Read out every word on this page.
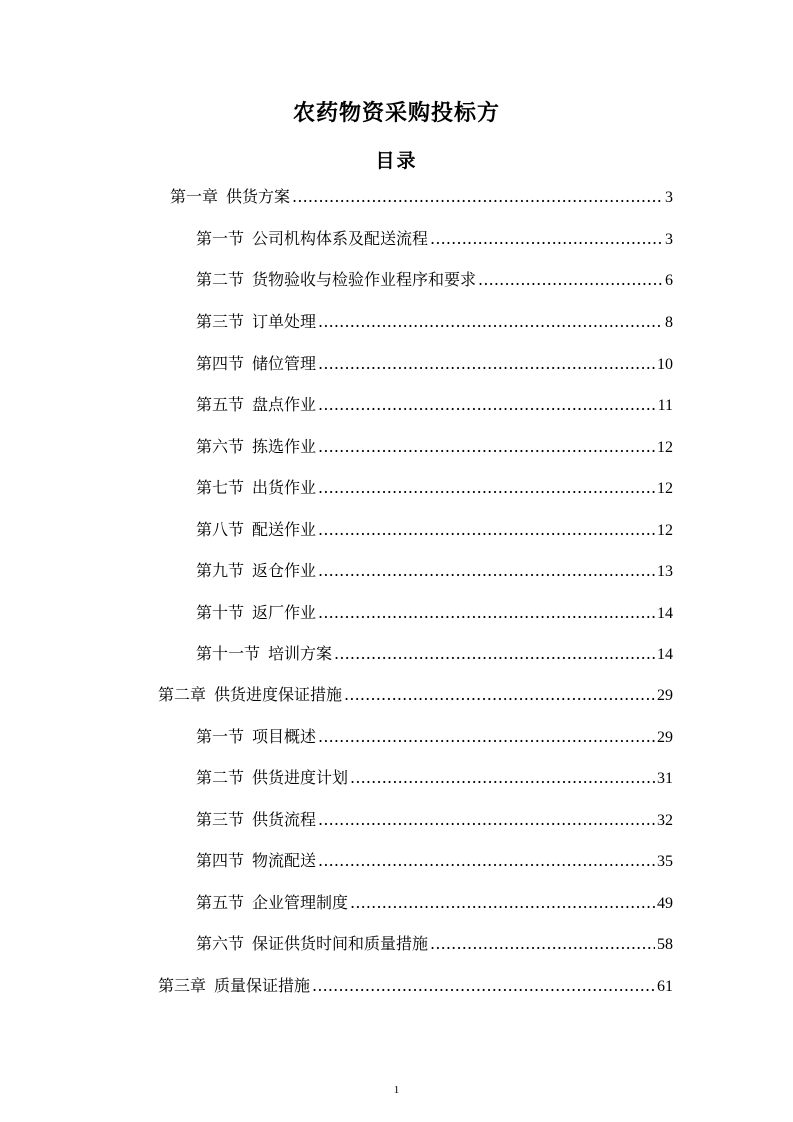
农药物资采购投标方
目录
第一章 供货方案 .....	3
第一节 公司机构体系及配送流程 .....	3
第二节 货物验收与检验作业程序和要求 .....	6
第三节 订单处理 .....	8
第四节 储位管理 .....	10
第五节 盘点作业 .....	11
第六节 拣选作业 .....	12
第七节 出货作业 .....	12
第八节 配送作业 .....	12
第九节 返仓作业 .....	13
第十节 返厂作业 .....	14
第十一节 培训方案 .....	14
第二章 供货进度保证措施 .....	29
第一节 项目概述 .....	29
第二节 供货进度计划 .....	31
第三节 供货流程 .....	32
第四节 物流配送 .....	35
第五节 企业管理制度 .....	49
第六节 保证供货时间和质量措施 .....	58
第三章 质量保证措施 .....	61
1
